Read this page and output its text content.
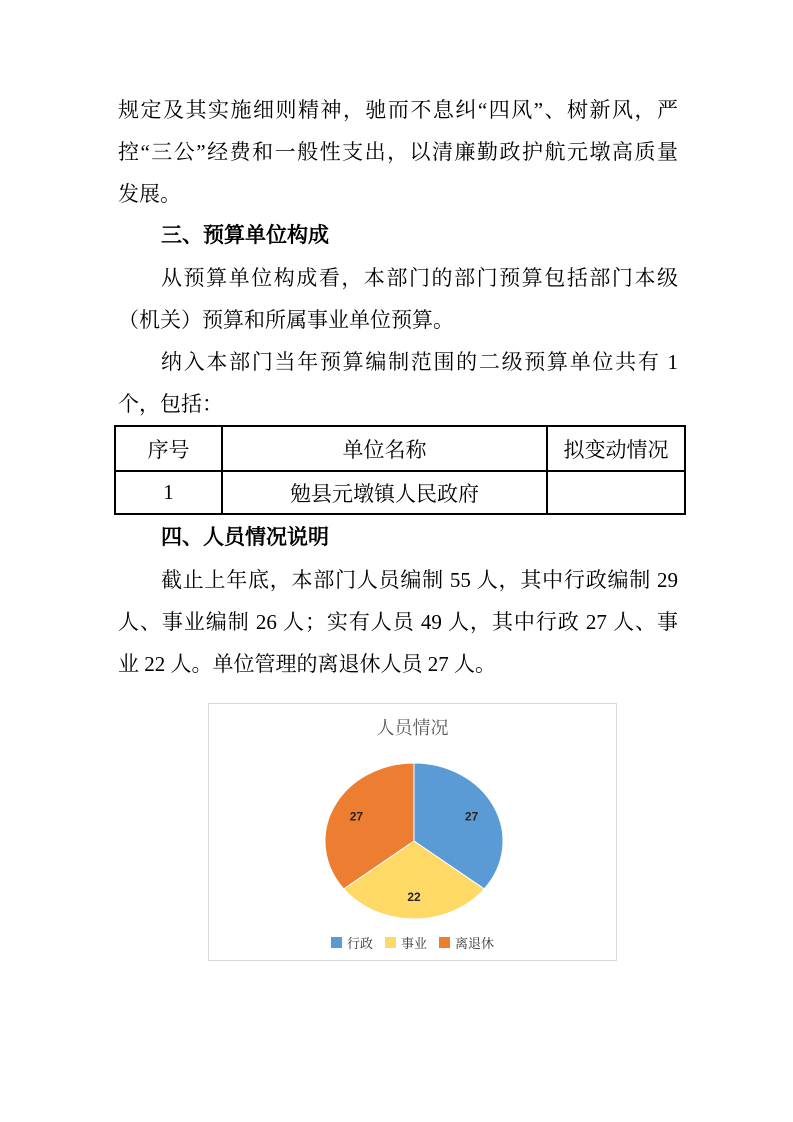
规定及其实施细则精神，驰而不息纠“四风”、树新风，严
控“三公”经费和一般性支出，以清廉勤政护航元墩高质量
发展。
三、预算单位构成
从预算单位构成看，本部门的部门预算包括部门本级
（机关）预算和所属事业单位预算。
纳入本部门当年预算编制范围的二级预算单位共有 1
个，包括：
序号	单位名称	拟变动情况
1	勉县元墩镇人民政府	
四、人员情况说明
截止上年底，本部门人员编制 55 人，其中行政编制 29
人、事业编制 26 人；实有人员 49 人，其中行政 27 人、事
业 22 人。单位管理的离退休人员 27 人。
人员情况
27
22
27
行政 事业 离退休
